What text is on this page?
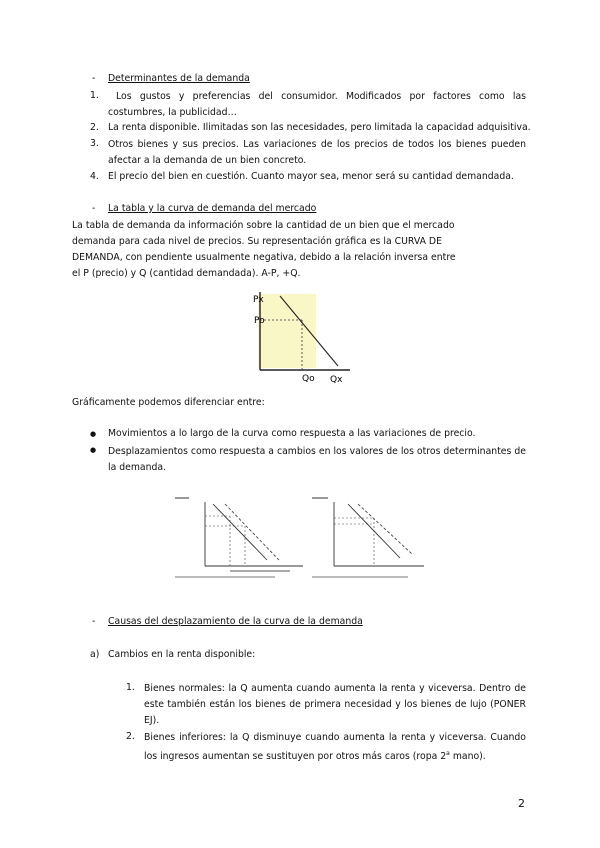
- Determinantes de la demanda
1.	Los gustos y preferencias del consumidor. Modificados por factores como las costumbres, la publicidad…
2. La renta disponible. Ilimitadas son las necesidades, pero limitada la capacidad adquisitiva.
3. Otros bienes y sus precios. Las variaciones de los precios de todos los bienes pueden afectar a la demanda de un bien concreto.
4. El precio del bien en cuestión. Cuanto mayor sea, menor será su cantidad demandada.
- La tabla y la curva de demanda del mercado
La tabla de demanda da información sobre la cantidad de un bien que el mercado
demanda para cada nivel de precios. Su representación gráfica es la CURVA DE
DEMANDA, con pendiente usualmente negativa, debido a la relación inversa entre
el P (precio) y Q (cantidad demandada). A-P, +Q.
Px
Po
Qo Qx
Gráficamente podemos diferenciar entre:
● Movimientos a lo largo de la curva como respuesta a las variaciones de precio.
● Desplazamientos como respuesta a cambios en los valores de los otros determinantes de la demanda.
- Causas del desplazamiento de la curva de la demanda
a) Cambios en la renta disponible:
1. Bienes normales: la Q aumenta cuando aumenta la renta y viceversa. Dentro de este también están los bienes de primera necesidad y los bienes de lujo (PONER EJ).
2. Bienes inferiores: la Q disminuye cuando aumenta la renta y viceversa. Cuando los ingresos aumentan se sustituyen por otros más caros (ropa 2$^a$ mano).
2
